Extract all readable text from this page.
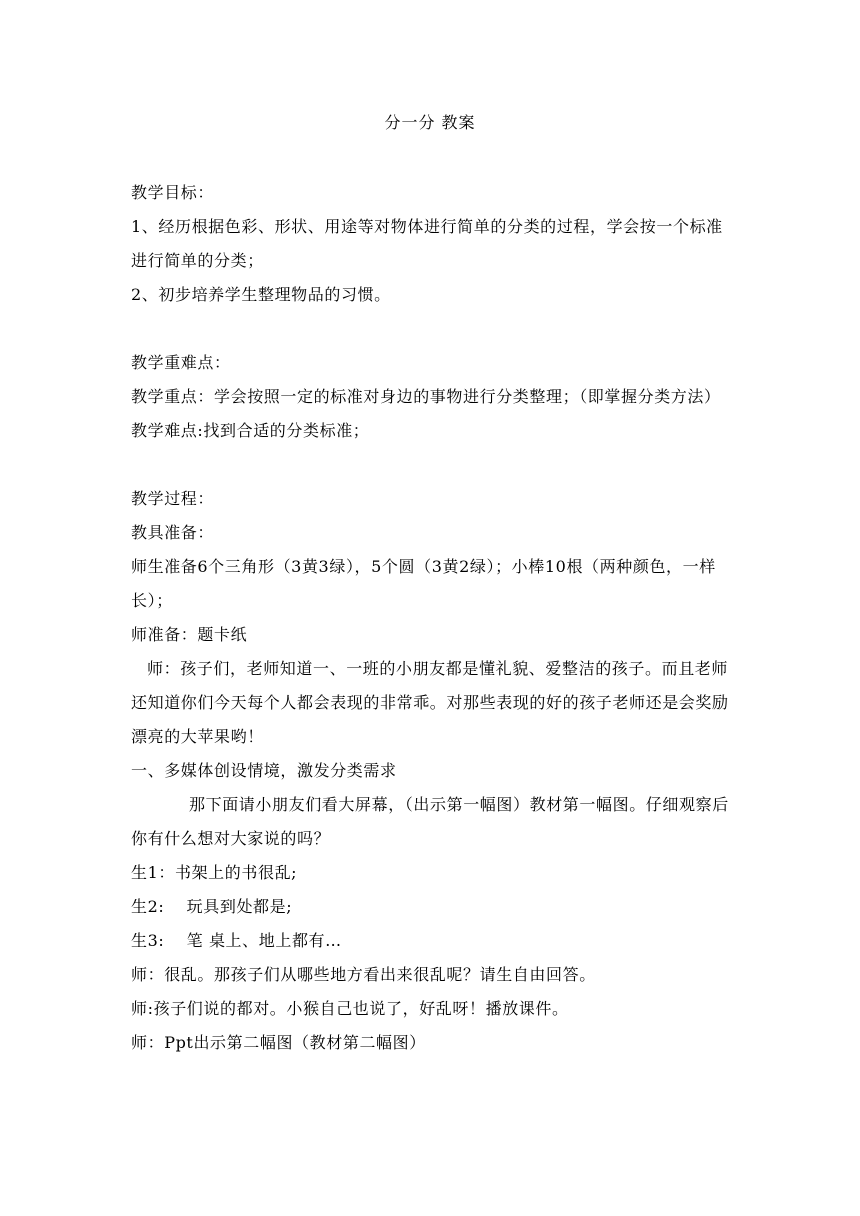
分一分 教案

教学目标：

1、经历根据色彩、形状、用途等对物体进行简单的分类的过程，学会按一个标准进行简单的分类；

2、初步培养学生整理物品的习惯。

教学重难点：

教学重点：学会按照一定的标准对身边的事物进行分类整理；（即掌握分类方法）

教学难点:找到合适的分类标准；

教学过程：

教具准备：

师生准备6个三角形（3黄3绿），5个圆（3黄2绿）；小棒10根（两种颜色，一样长）；

师准备：题卡纸

师：孩子们，老师知道一、一班的小朋友都是懂礼貌、爱整洁的孩子。而且老师还知道你们今天每个人都会表现的非常乖。对那些表现的好的孩子老师还是会奖励漂亮的大苹果哟！

一、多媒体创设情境，激发分类需求

那下面请小朋友们看大屏幕，（出示第一幅图）教材第一幅图。仔细观察后你有什么想对大家说的吗？

生1：书架上的书很乱;

生2:　 玩具到处都是;

生3:　 笔 桌上、地上都有…

师：很乱。那孩子们从哪些地方看出来很乱呢？请生自由回答。

师:孩子们说的都对。小猴自己也说了，好乱呀！播放课件。

师：Ppt出示第二幅图（教材第二幅图）
